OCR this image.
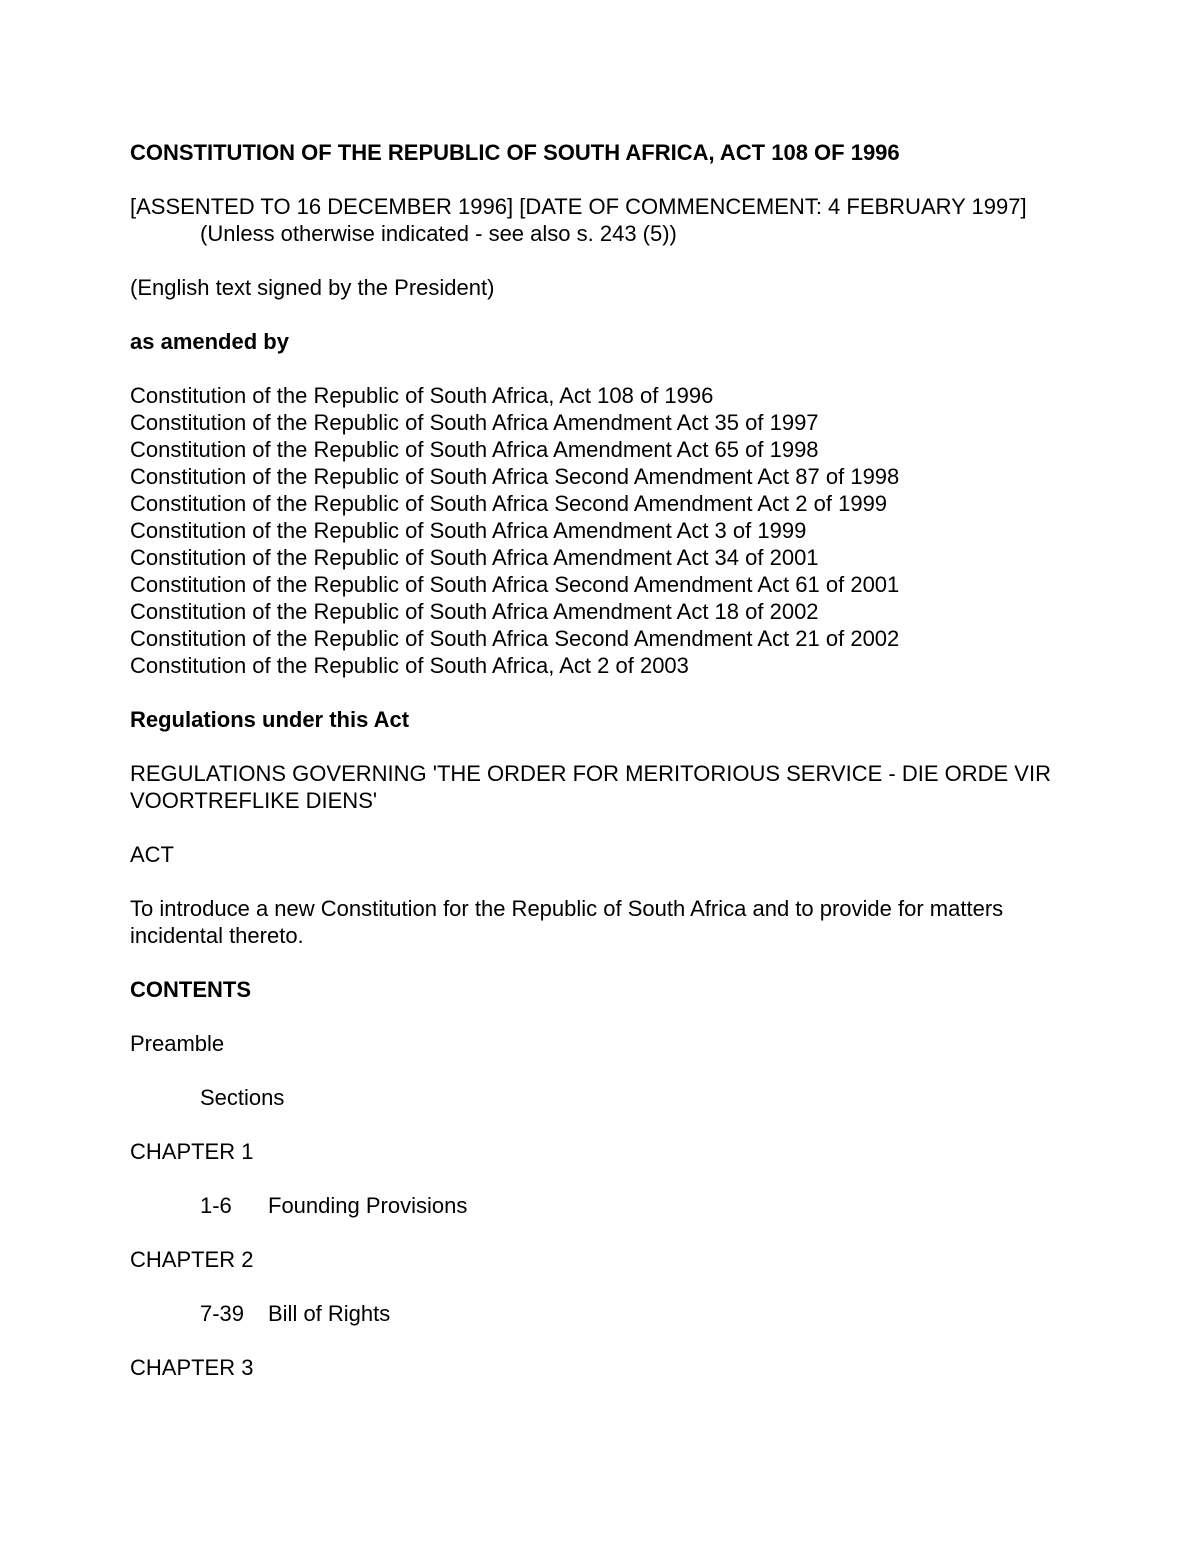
CONSTITUTION OF THE REPUBLIC OF SOUTH AFRICA, ACT 108 OF 1996

[ASSENTED TO 16 DECEMBER 1996] [DATE OF COMMENCEMENT: 4 FEBRUARY 1997]

(Unless otherwise indicated - see also s. 243 (5))

(English text signed by the President)

as amended by

Constitution of the Republic of South Africa, Act 108 of 1996
Constitution of the Republic of South Africa Amendment Act 35 of 1997
Constitution of the Republic of South Africa Amendment Act 65 of 1998
Constitution of the Republic of South Africa Second Amendment Act 87 of 1998
Constitution of the Republic of South Africa Second Amendment Act 2 of 1999
Constitution of the Republic of South Africa Amendment Act 3 of 1999
Constitution of the Republic of South Africa Amendment Act 34 of 2001
Constitution of the Republic of South Africa Second Amendment Act 61 of 2001
Constitution of the Republic of South Africa Amendment Act 18 of 2002
Constitution of the Republic of South Africa Second Amendment Act 21 of 2002
Constitution of the Republic of South Africa, Act 2 of 2003

Regulations under this Act

REGULATIONS GOVERNING 'THE ORDER FOR MERITORIOUS SERVICE - DIE ORDE VIR VOORTREFLIKE DIENS'

ACT

To introduce a new Constitution for the Republic of South Africa and to provide for matters incidental thereto.

CONTENTS

Preamble

Sections

CHAPTER 1

1-6	Founding Provisions

CHAPTER 2

7-39	Bill of Rights

CHAPTER 3
